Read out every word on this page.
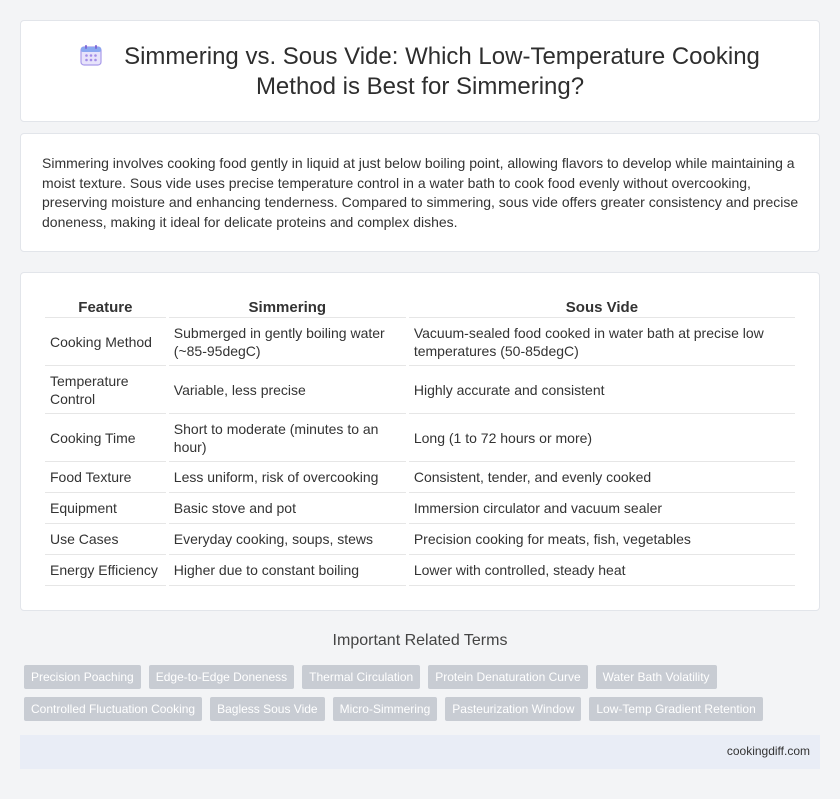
Simmering vs. Sous Vide: Which Low-Temperature Cooking Method is Best for Simmering?

Simmering involves cooking food gently in liquid at just below boiling point, allowing flavors to develop while maintaining a moist texture. Sous vide uses precise temperature control in a water bath to cook food evenly without overcooking, preserving moisture and enhancing tenderness. Compared to simmering, sous vide offers greater consistency and precise doneness, making it ideal for delicate proteins and complex dishes.

Feature	Simmering	Sous Vide
Cooking Method	Submerged in gently boiling water (~85-95degC)	Vacuum-sealed food cooked in water bath at precise low temperatures (50-85degC)
Temperature Control	Variable, less precise	Highly accurate and consistent
Cooking Time	Short to moderate (minutes to an hour)	Long (1 to 72 hours or more)
Food Texture	Less uniform, risk of overcooking	Consistent, tender, and evenly cooked
Equipment	Basic stove and pot	Immersion circulator and vacuum sealer
Use Cases	Everyday cooking, soups, stews	Precision cooking for meats, fish, vegetables
Energy Efficiency	Higher due to constant boiling	Lower with controlled, steady heat
Important Related Terms
Precision Poaching	Edge-to-Edge Doneness	Thermal Circulation	Protein Denaturation Curve	Water Bath Volatility
Controlled Fluctuation Cooking	Bagless Sous Vide	Micro-Simmering	Pasteurization Window	Low-Temp Gradient Retention
cookingdiff.com
